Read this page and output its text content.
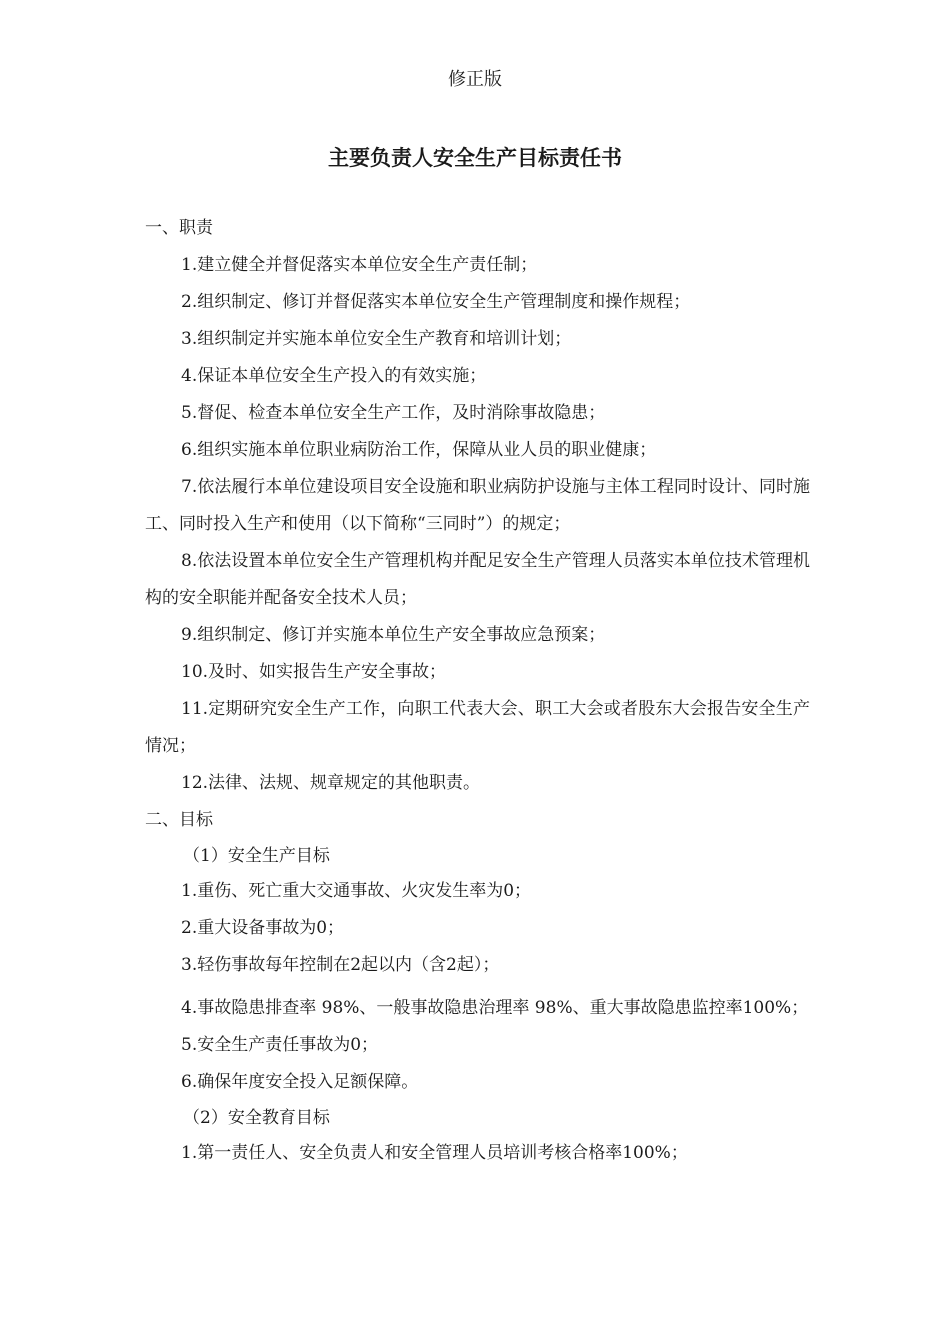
修正版
主要负责人安全生产目标责任书

一、职责

1.建立健全并督促落实本单位安全生产责任制；

2.组织制定、修订并督促落实本单位安全生产管理制度和操作规程；

3.组织制定并实施本单位安全生产教育和培训计划；

4.保证本单位安全生产投入的有效实施；

5.督促、检查本单位安全生产工作，及时消除事故隐患；

6.组织实施本单位职业病防治工作，保障从业人员的职业健康；

7.依法履行本单位建设项目安全设施和职业病防护设施与主体工程同时设计、同时施工、同时投入生产和使用（以下简称“三同时”）的规定；

8.依法设置本单位安全生产管理机构并配足安全生产管理人员落实本单位技术管理机构的安全职能并配备安全技术人员；

9.组织制定、修订并实施本单位生产安全事故应急预案；

10.及时、如实报告生产安全事故；

11.定期研究安全生产工作，向职工代表大会、职工大会或者股东大会报告安全生产情况；

12.法律、法规、规章规定的其他职责。

二、目标

（1）安全生产目标

1.重伤、死亡重大交通事故、火灾发生率为0；

2.重大设备事故为0；

3.轻伤事故每年控制在2起以内（含2起）；

4.事故隐患排查率 98%、一般事故隐患治理率 98%、重大事故隐患监控率100%；

5.安全生产责任事故为0；

6.确保年度安全投入足额保障。

（2）安全教育目标

1.第一责任人、安全负责人和安全管理人员培训考核合格率100%；
